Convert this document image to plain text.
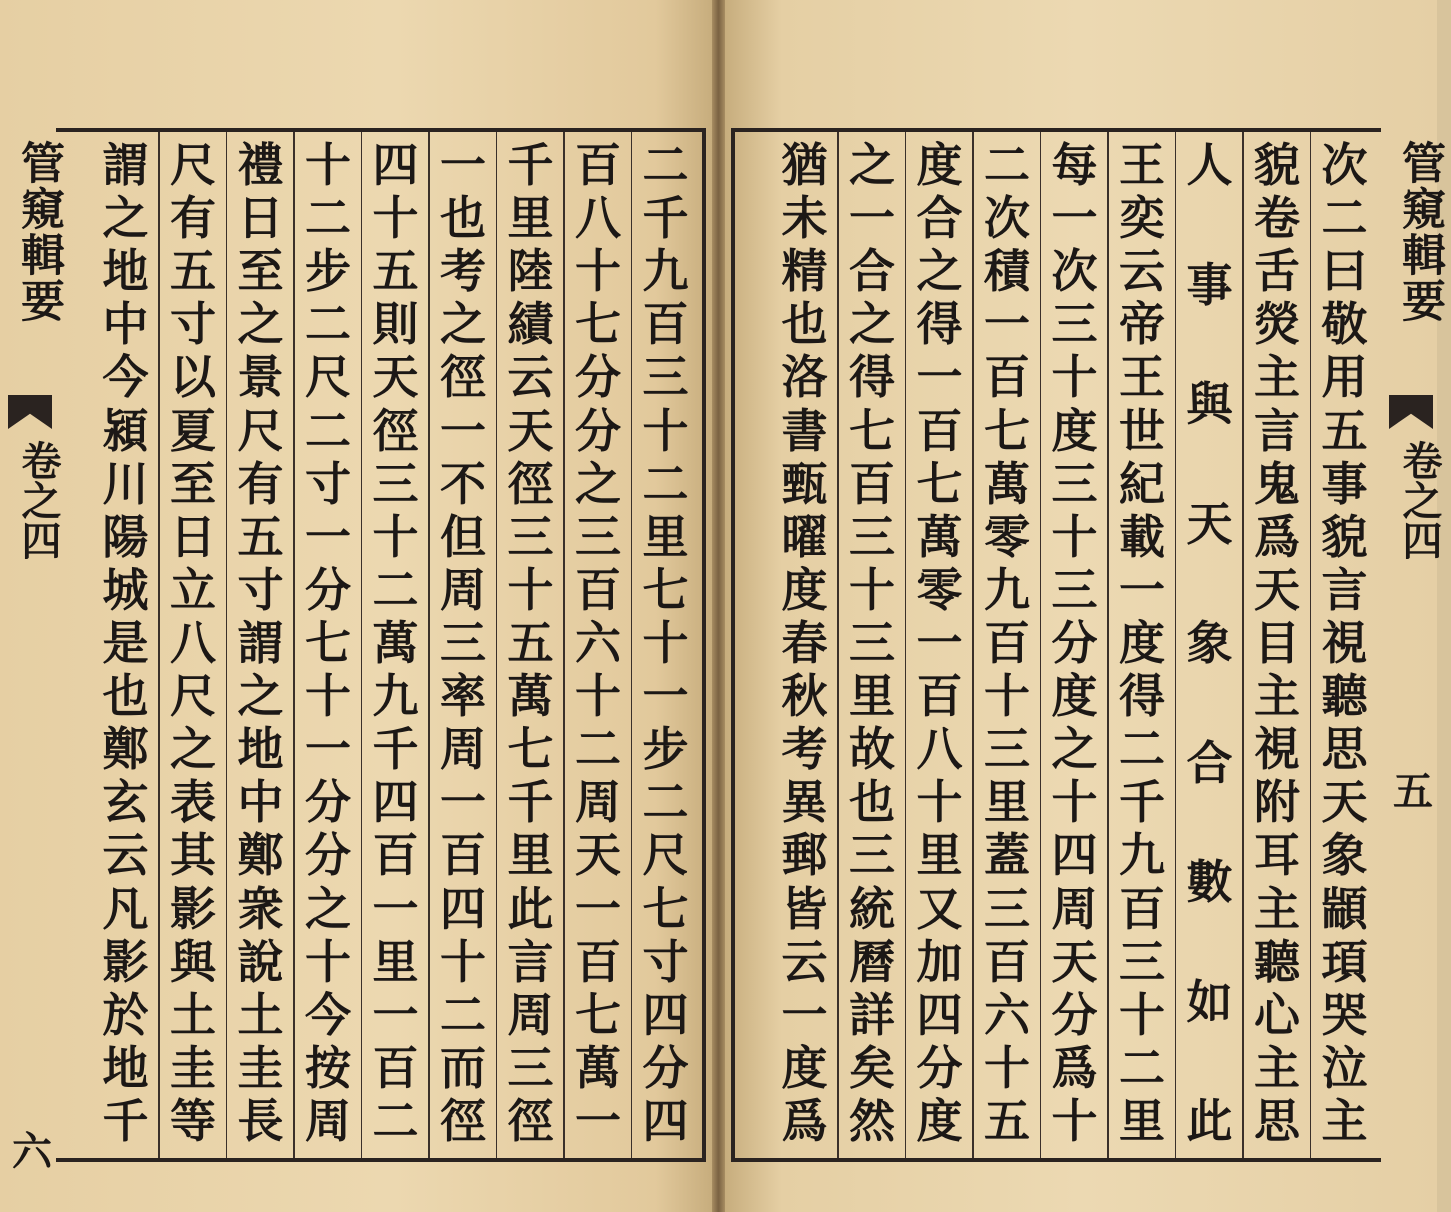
二
千
九
百
三
十
二
里
七
十
一
步
二
尺
七
寸
四
分
四
百
八
十
七
分
分
之
三
百
六
十
二
周
天
一
百
七
萬
一
千
里
陸
績
云
天
徑
三
十
五
萬
七
千
里
此
言
周
三
徑
一
也
考
之
徑
一
不
但
周
三
率
周
一
百
四
十
二
而
徑
四
十
五
則
天
徑
三
十
二
萬
九
千
四
百
一
里
一
百
二
十
二
步
二
尺
二
寸
一
分
七
十
一
分
分
之
十
今
按
周
禮
日
至
之
景
尺
有
五
寸
謂
之
地
中
鄭
衆
說
土
圭
長
尺
有
五
寸
以
夏
至
日
立
八
尺
之
表
其
影
與
土
圭
等
謂
之
地
中
今
潁
川
陽
城
是
也
鄭
玄
云
凡
影
於
地
千
管窺輯要
卷之四
六
次
二
曰
敬
用
五
事
貌
言
視
聽
思
天
象
顓
頊
哭
泣
主
貌
卷
舌
熒
主
言
鬼
爲
天
目
主
視
附
耳
主
聽
心
主
思
人
事
與
天
象
合
數
如
此
王
奕
云
帝
王
世
紀
載
一
度
得
二
千
九
百
三
十
二
里
每
一
次
三
十
度
三
十
三
分
度
之
十
四
周
天
分
爲
十
二
次
積
一
百
七
萬
零
九
百
十
三
里
蓋
三
百
六
十
五
度
合
之
得
一
百
七
萬
零
一
百
八
十
里
又
加
四
分
度
之
一
合
之
得
七
百
三
十
三
里
故
也
三
統
曆
詳
矣
然
猶
未
精
也
洛
書
甄
曜
度
春
秋
考
異
郵
皆
云
一
度
爲
管窺輯要
卷之四
五
